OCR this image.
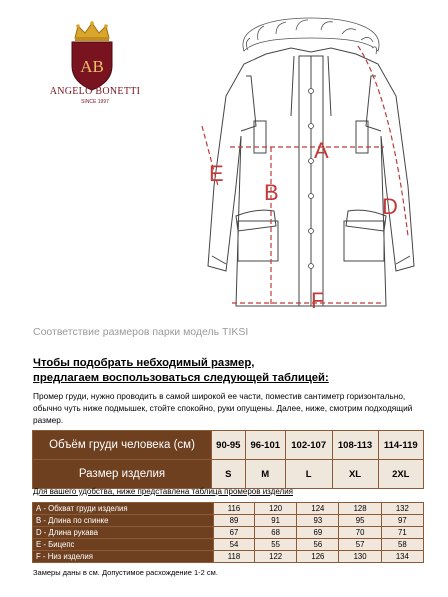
AB
ANGELO BONETTI
SINCE 1997
A
B
D
E
F
Соответствие размеров парки модель TIKSI
Чтобы подобрать небходимый размер,
предлагаем воспользоваться следующей таблицей:
Промер груди, нужно проводить в самой широкой ее части, поместив сантиметр горизонтально, обычно чуть ниже подмышек, стойте спокойно, руки опущены. Далее, ниже, смотрим подходящий размер.
Объём груди человека (см)	90-95	96-101	102-107	108-113	114-119
Размер изделия	S	M	L	XL	2XL
Для вашего удобства, ниже представлена таблица промеров изделия
А - Обхват груди изделия	116	120	124	128	132
В - Длина по спинке	89	91	93	95	97
D - Длина рукава	67	68	69	70	71
Е - Бицепс	54	55	56	57	58
F - Низ изделия	118	122	126	130	134
Замеры даны в см. Допустимое расхождение 1-2 см.
